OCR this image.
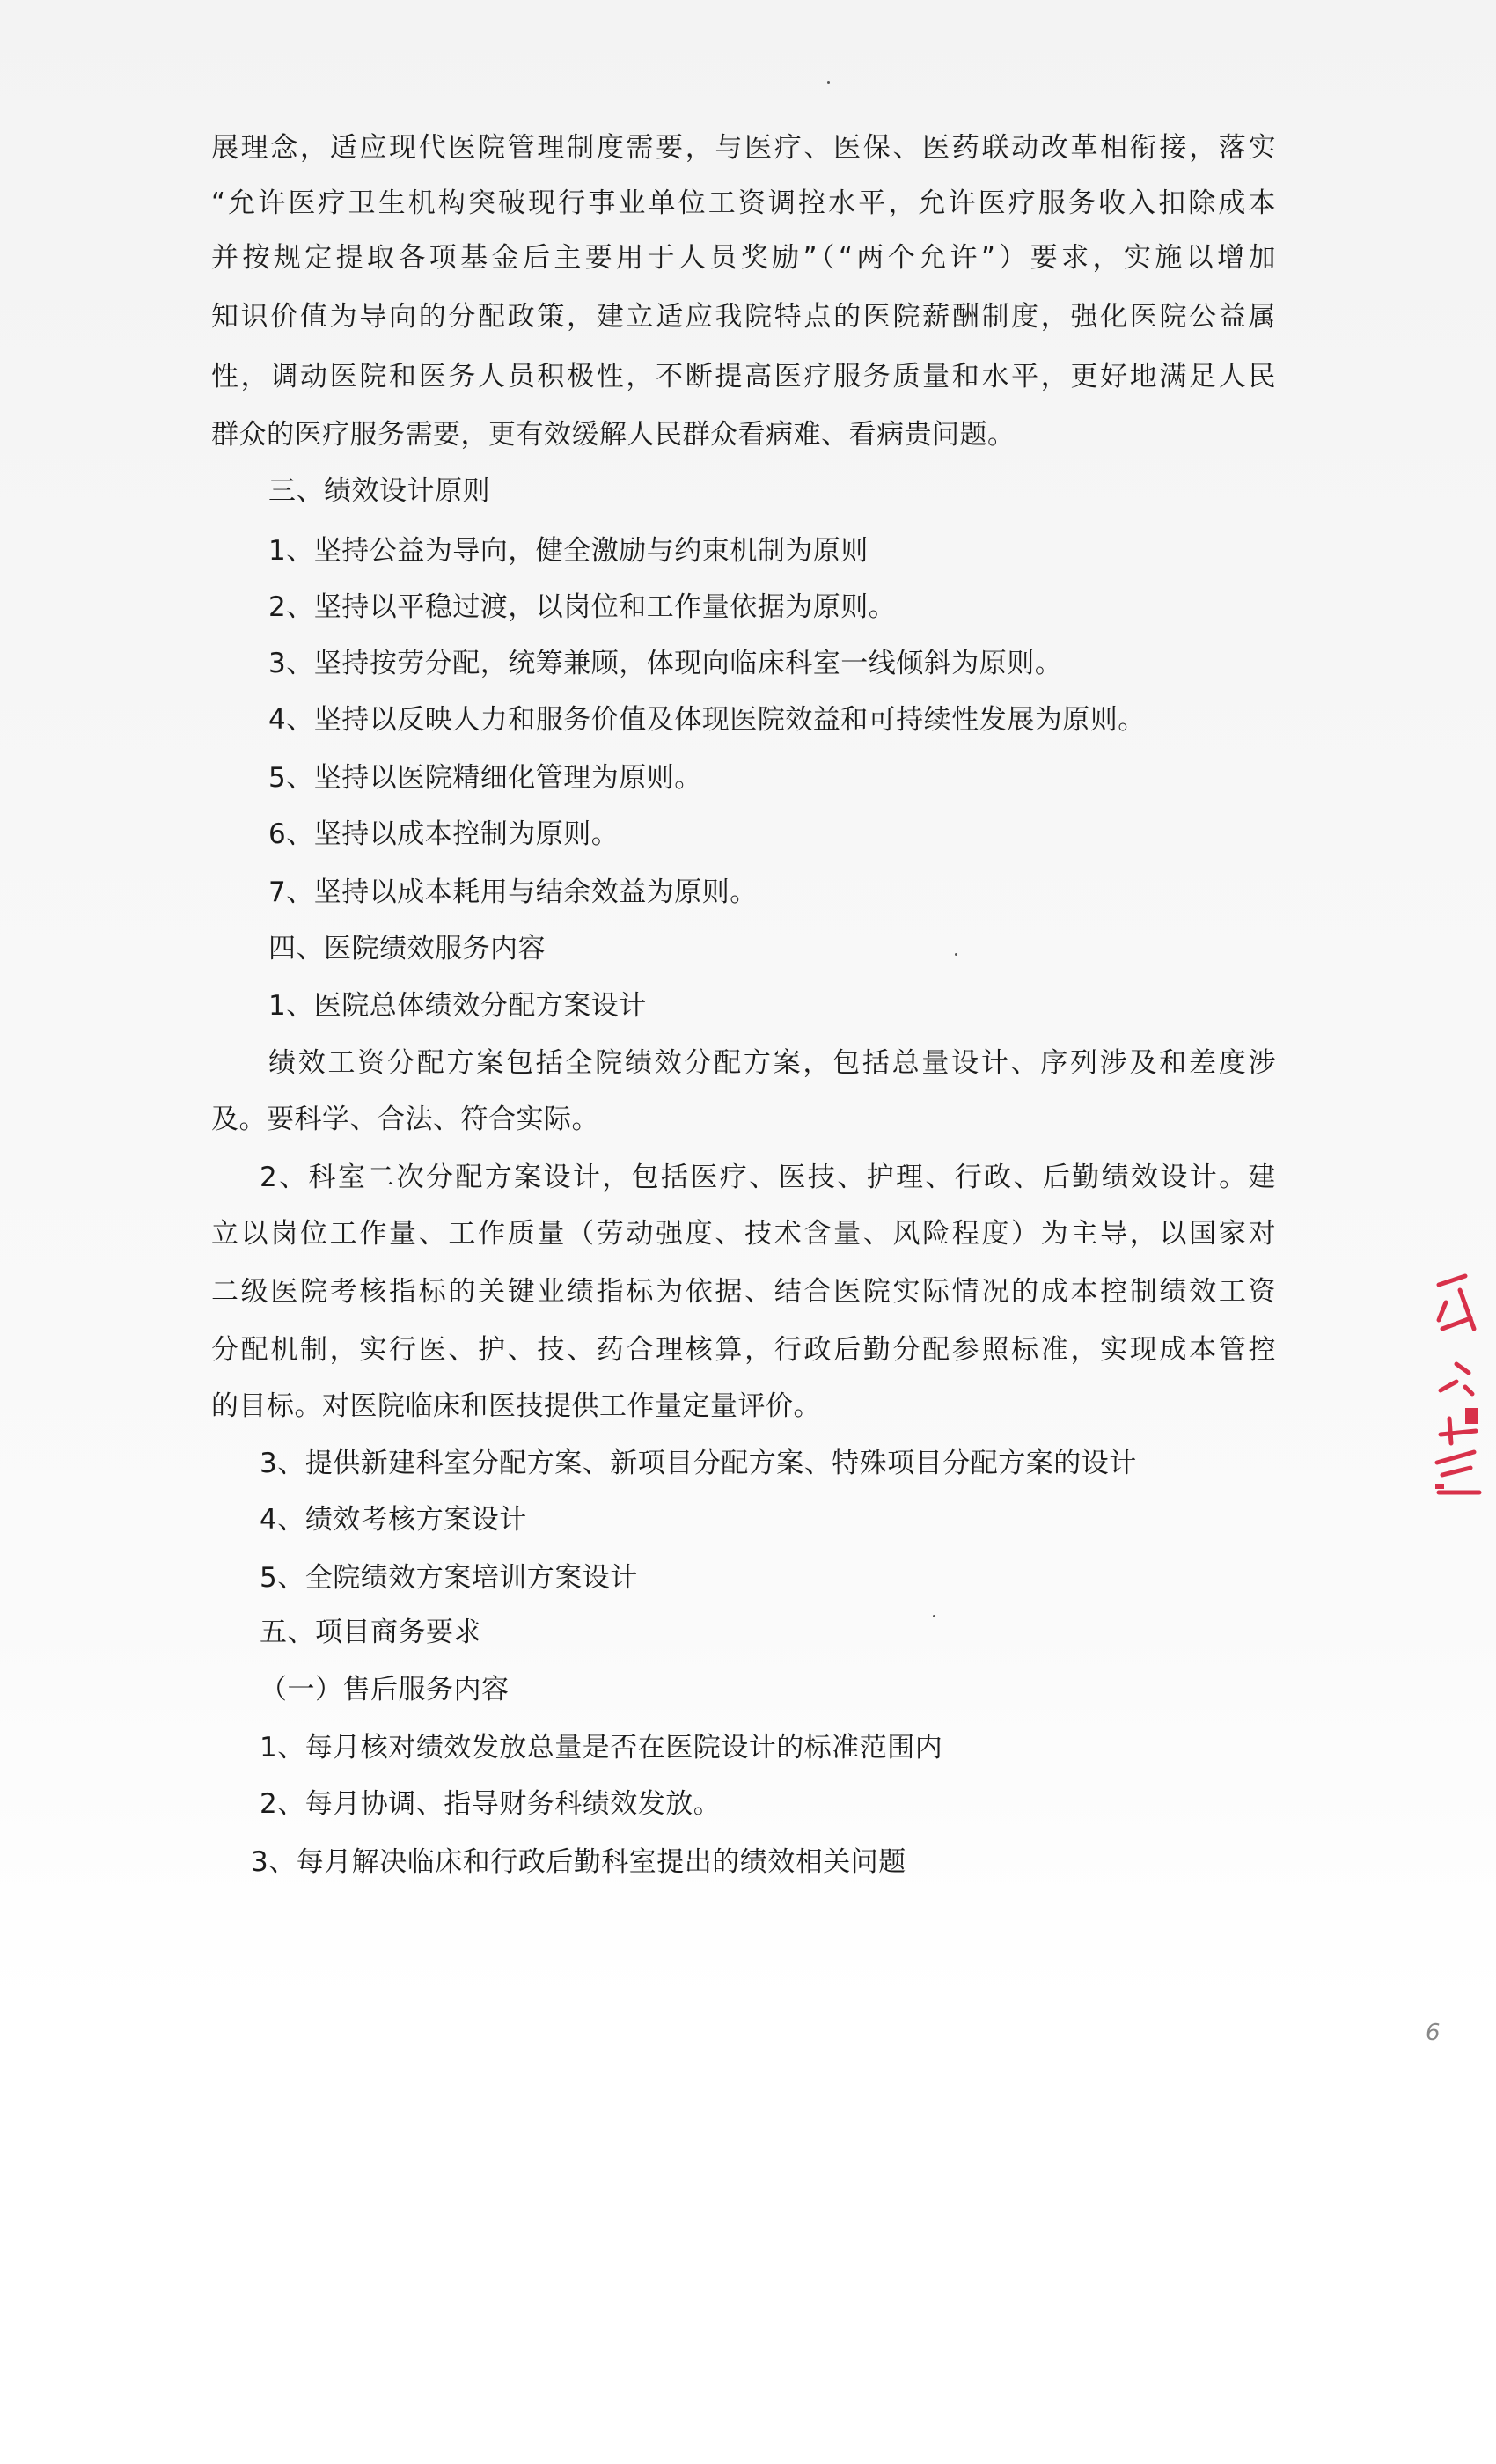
展理念，适应现代医院管理制度需要，与医疗、医保、医药联动改革相衔接，落实
“允许医疗卫生机构突破现行事业单位工资调控水平，允许医疗服务收入扣除成本
并按规定提取各项基金后主要用于人员奖励”（“两个允许”）要求，实施以增加
知识价值为导向的分配政策，建立适应我院特点的医院薪酬制度，强化医院公益属
性，调动医院和医务人员积极性，不断提高医疗服务质量和水平，更好地满足人民
群众的医疗服务需要，更有效缓解人民群众看病难、看病贵问题。
三、绩效设计原则
1、坚持公益为导向，健全激励与约束机制为原则
2、坚持以平稳过渡，以岗位和工作量依据为原则。
3、坚持按劳分配，统筹兼顾，体现向临床科室一线倾斜为原则。
4、坚持以反映人力和服务价值及体现医院效益和可持续性发展为原则。
5、坚持以医院精细化管理为原则。
6、坚持以成本控制为原则。
7、坚持以成本耗用与结余效益为原则。
四、医院绩效服务内容
1、医院总体绩效分配方案设计
绩效工资分配方案包括全院绩效分配方案，包括总量设计、序列涉及和差度涉
及。要科学、合法、符合实际。
2、科室二次分配方案设计，包括医疗、医技、护理、行政、后勤绩效设计。建
立以岗位工作量、工作质量（劳动强度、技术含量、风险程度）为主导，以国家对
二级医院考核指标的关键业绩指标为依据、结合医院实际情况的成本控制绩效工资
分配机制，实行医、护、技、药合理核算，行政后勤分配参照标准，实现成本管控
的目标。对医院临床和医技提供工作量定量评价。
3、提供新建科室分配方案、新项目分配方案、特殊项目分配方案的设计
4、绩效考核方案设计
5、全院绩效方案培训方案设计
五、项目商务要求
（一）售后服务内容
1、每月核对绩效发放总量是否在医院设计的标准范围内
2、每月协调、指导财务科绩效发放。
3、每月解决临床和行政后勤科室提出的绩效相关问题
6
